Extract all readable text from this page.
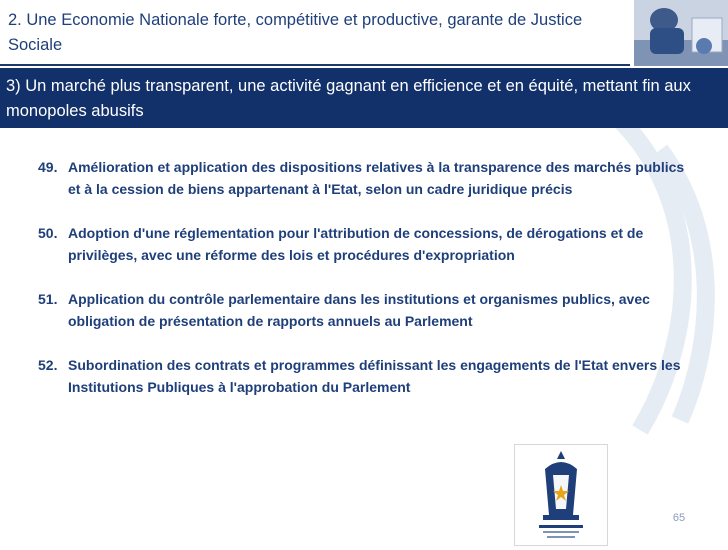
2. Une Economie Nationale forte, compétitive et productive, garante de Justice Sociale
3) Un marché plus transparent, une activité gagnant en efficience et en équité, mettant fin aux monopoles abusifs
49. Amélioration et application des dispositions relatives à la transparence des marchés publics et à la cession de biens appartenant à l'Etat, selon un cadre juridique précis
50. Adoption d'une réglementation pour l'attribution de concessions, de dérogations et de privilèges, avec une réforme des lois et procédures d'expropriation
51. Application du contrôle parlementaire dans les institutions et organismes publics, avec obligation de présentation de rapports annuels au Parlement
52. Subordination des contrats et programmes définissant les engagements de l'Etat envers les Institutions Publiques à l'approbation du Parlement
65
